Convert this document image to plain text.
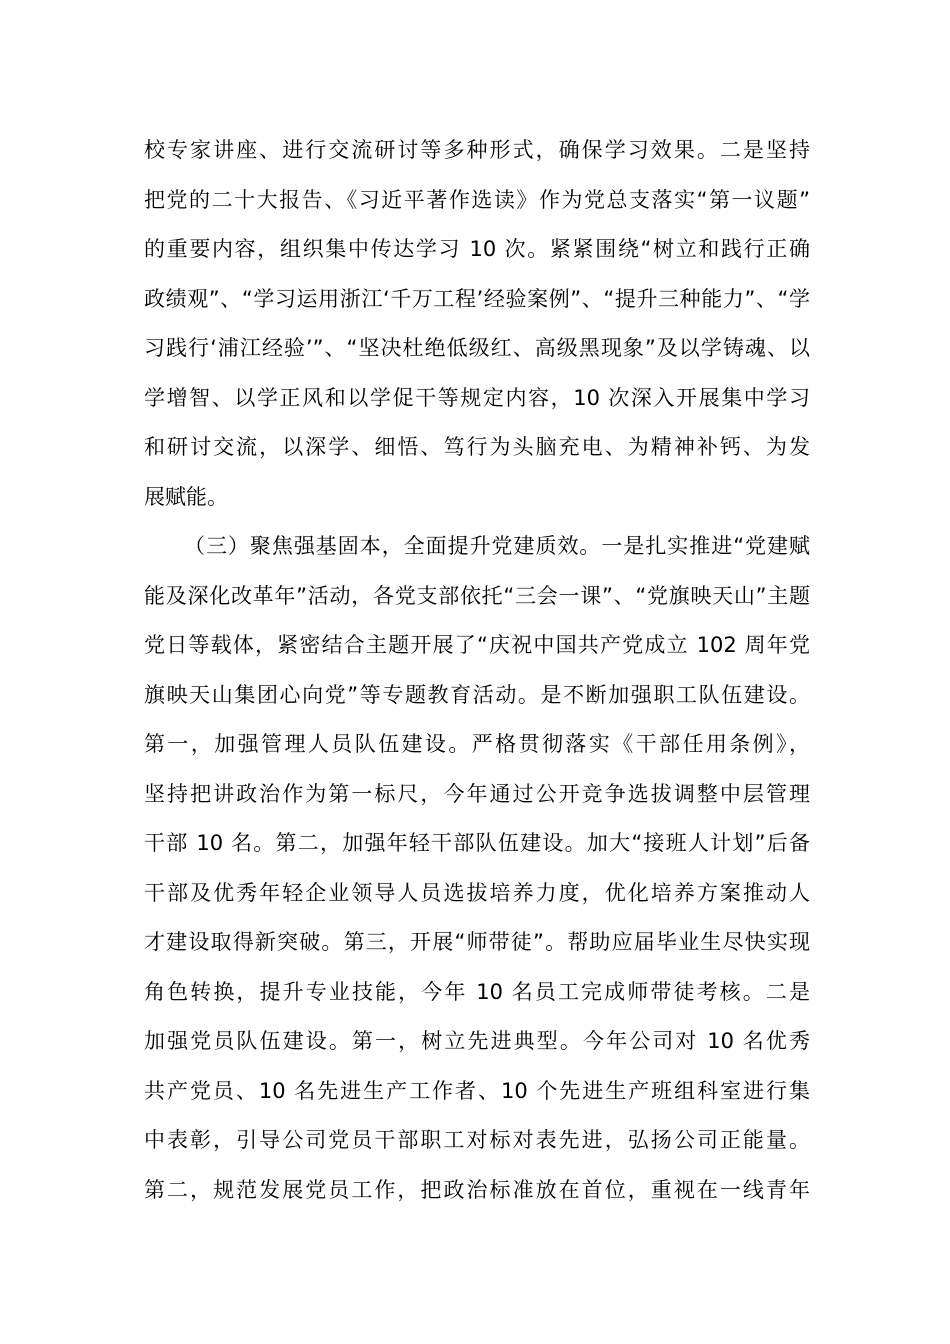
校专家讲座、进行交流研讨等多种形式，确保学习效果。二是坚持
把党的二十大报告、《习近平著作选读》作为党总支落实“第一议题”
的重要内容，组织集中传达学习 10 次。紧紧围绕“树立和践行正确
政绩观”、“学习运用浙江‘千万工程’经验案例”、“提升三种能力”、“学
习践行‘浦江经验’”、“坚决杜绝低级红、高级黑现象”及以学铸魂、以
学增智、以学正风和以学促干等规定内容，10 次深入开展集中学习
和研讨交流，以深学、细悟、笃行为头脑充电、为精神补钙、为发
展赋能。
（三）聚焦强基固本，全面提升党建质效。一是扎实推进“党建赋
能及深化改革年”活动，各党支部依托“三会一课”、“党旗映天山”主题
党日等载体，紧密结合主题开展了“庆祝中国共产党成立 102 周年党
旗映天山集团心向党”等专题教育活动。是不断加强职工队伍建设。
第一，加强管理人员队伍建设。严格贯彻落实《干部任用条例》，
坚持把讲政治作为第一标尺，今年通过公开竞争选拔调整中层管理
干部 10 名。第二，加强年轻干部队伍建设。加大“接班人计划”后备
干部及优秀年轻企业领导人员选拔培养力度，优化培养方案推动人
才建设取得新突破。第三，开展“师带徒”。帮助应届毕业生尽快实现
角色转换，提升专业技能，今年 10 名员工完成师带徒考核。二是
加强党员队伍建设。第一，树立先进典型。今年公司对 10 名优秀
共产党员、10 名先进生产工作者、10 个先进生产班组科室进行集
中表彰，引导公司党员干部职工对标对表先进，弘扬公司正能量。
第二，规范发展党员工作，把政治标准放在首位，重视在一线青年
